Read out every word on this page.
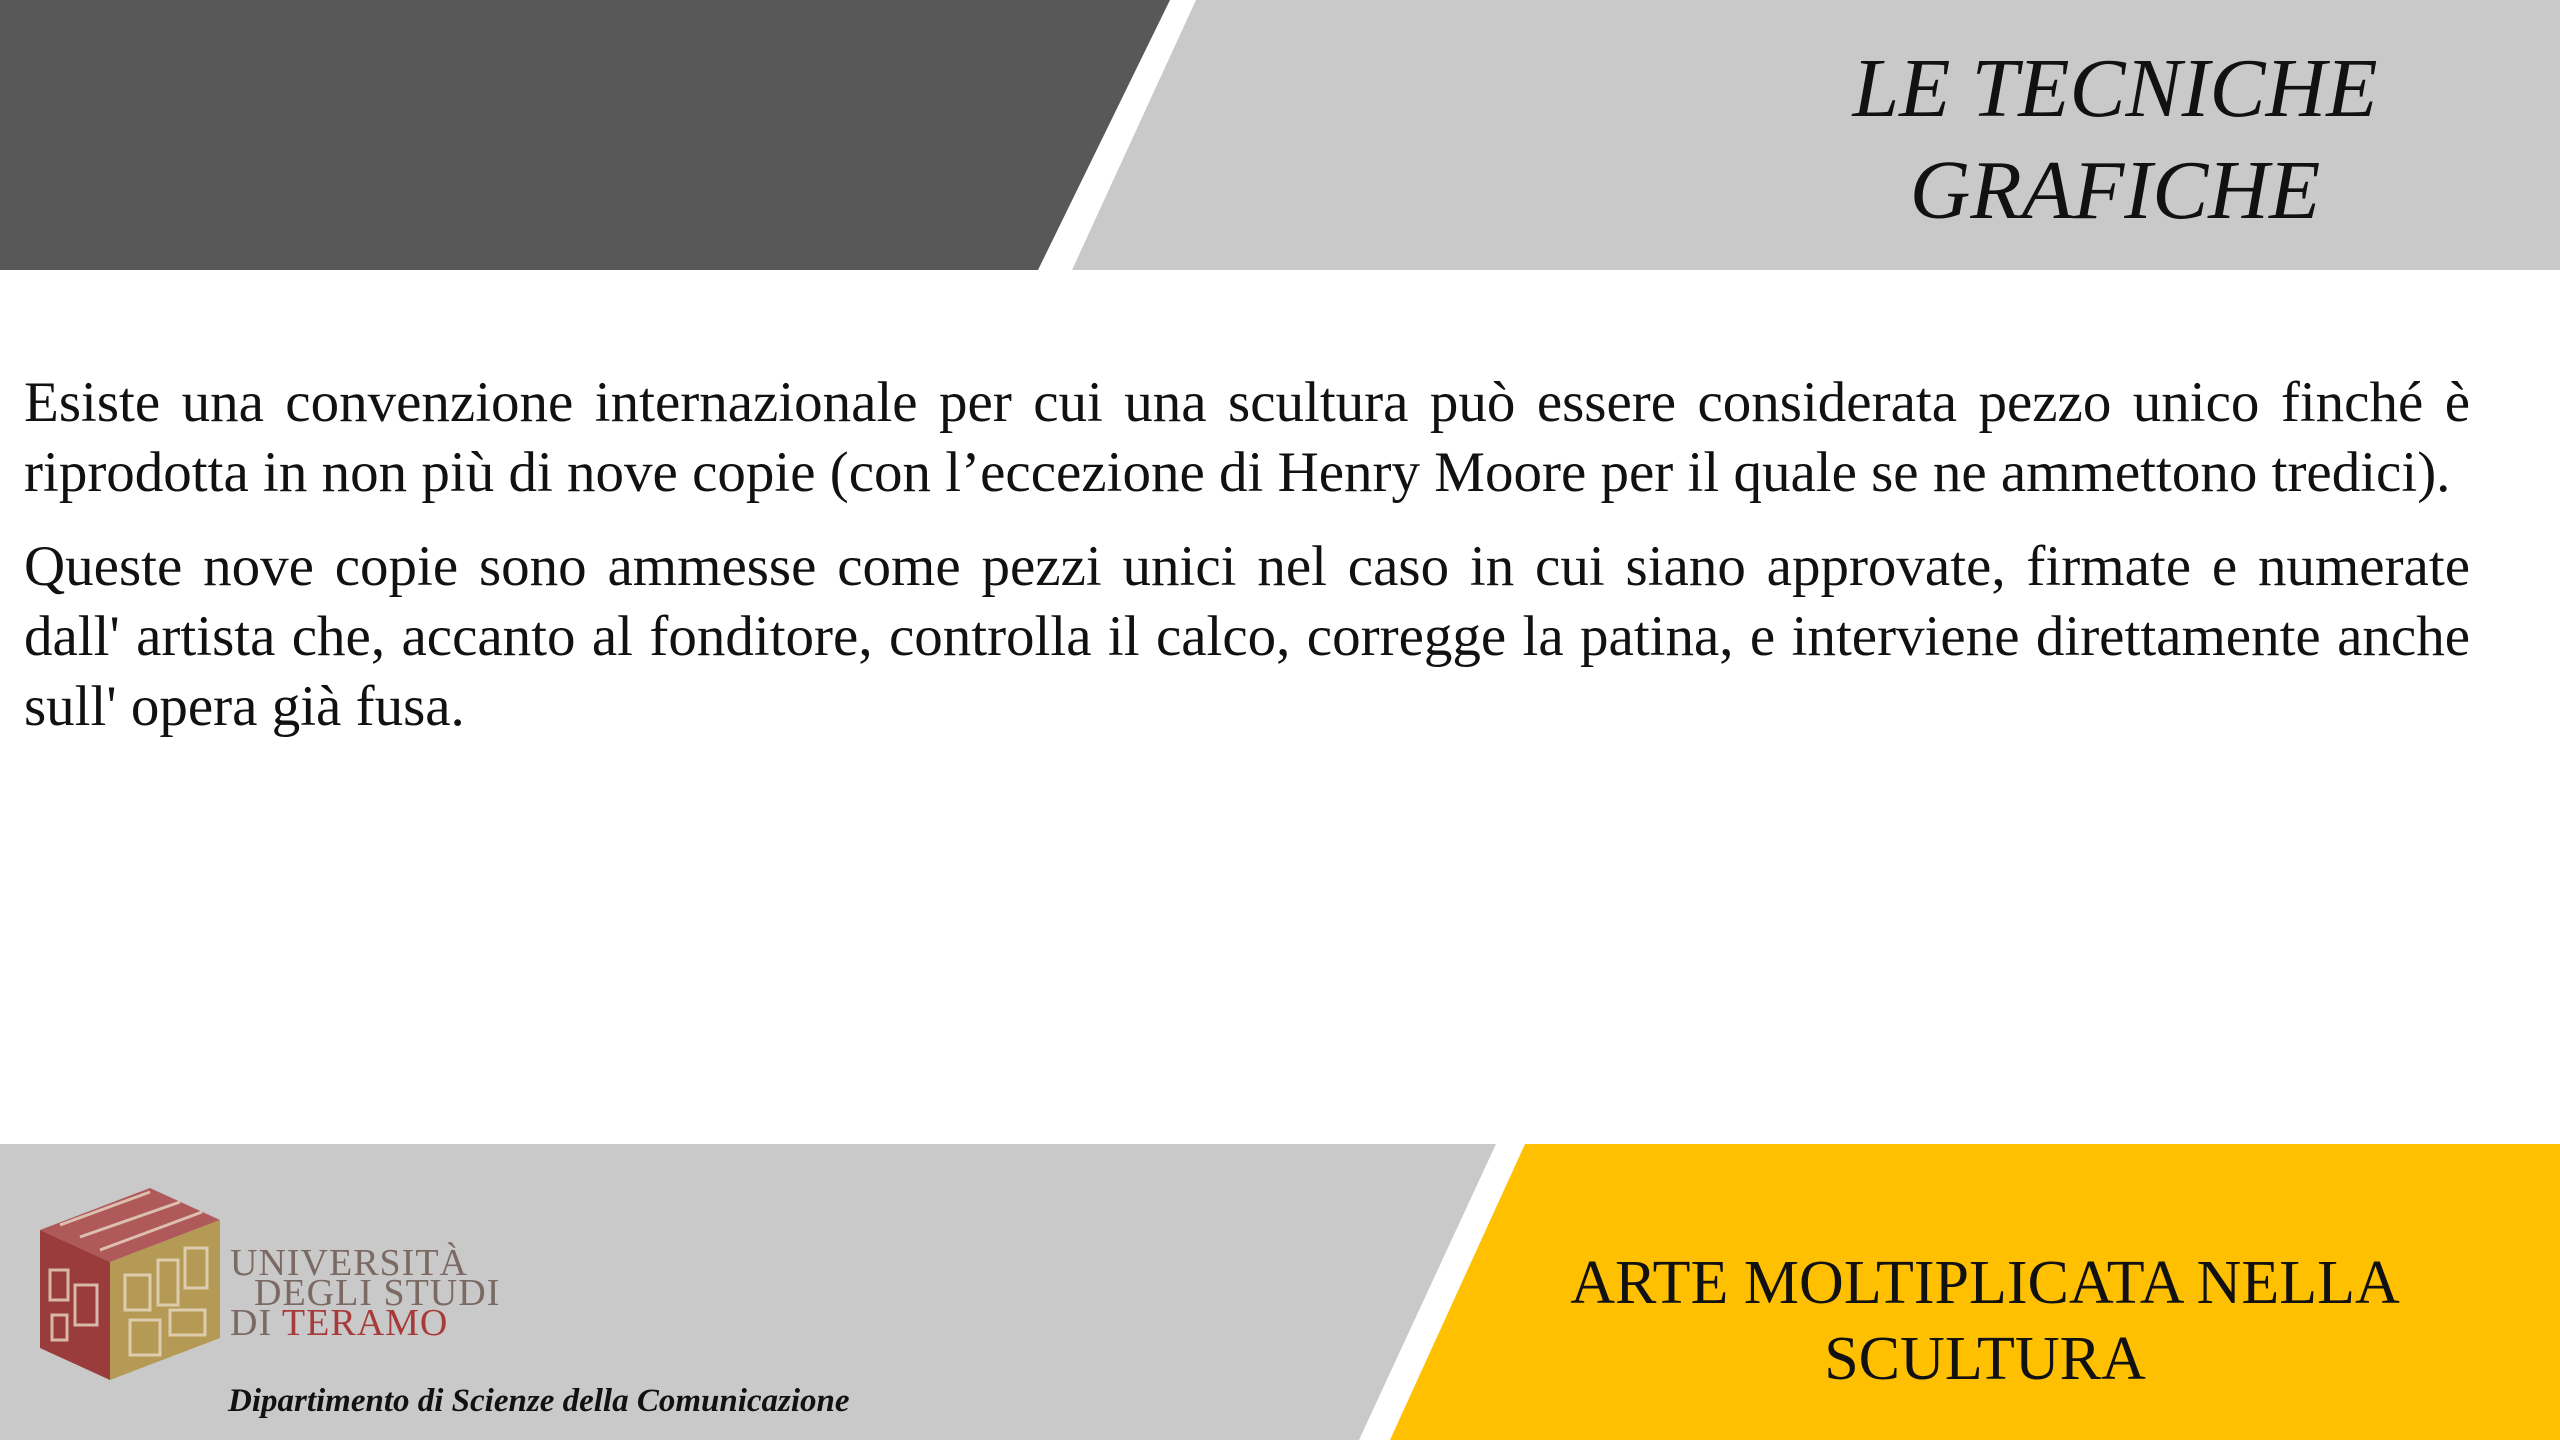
LE TECNICHE
GRAFICHE

Esiste una convenzione internazionale per cui una scultura può essere considerata pezzo unico finché è riprodotta in non più di nove copie (con l’eccezione di Henry Moore per il quale se ne ammettono tredici).

Queste nove copie sono ammesse come pezzi unici nel caso in cui siano approvate, firmate e numerate dall' artista che, accanto al fonditore, controlla il calco, corregge la patina, e interviene direttamente anche sull' opera già fusa.

UNIVERSITÀ
DEGLI STUDI
DI TERAMO
Dipartimento di Scienze della Comunicazione
ARTE MOLTIPLICATA NELLA
SCULTURA
